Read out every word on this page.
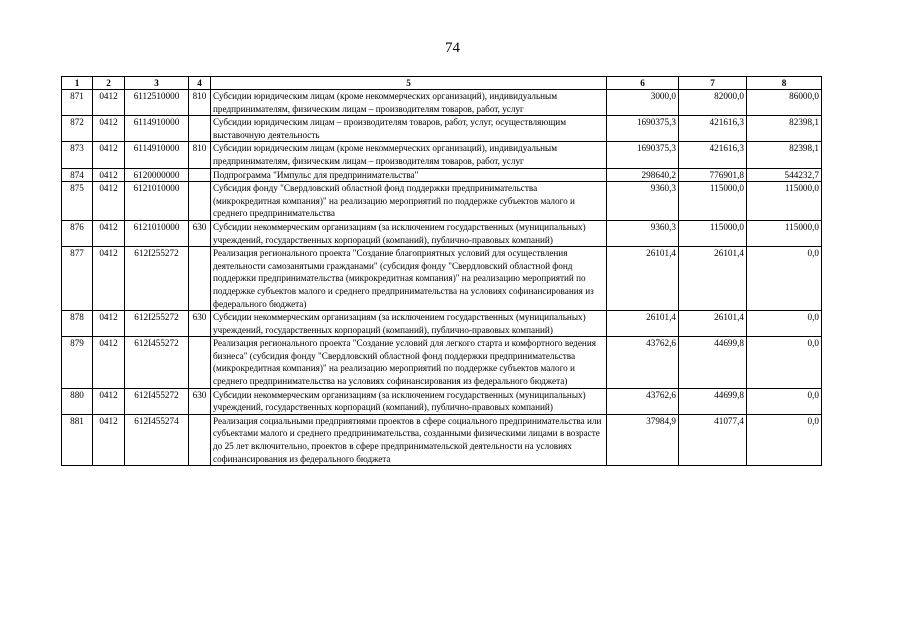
74
1	2	3	4	5	6	7	8
871	0412	6112510000	810	Субсидии юридическим лицам (кроме некоммерческих организаций), индивидуальным предпринимателям, физическим лицам – производителям товаров, работ, услуг	3000,0	82000,0	86000,0
872	0412	6114910000		Субсидии юридическим лицам – производителям товаров, работ, услуг, осуществляющим выставочную деятельность	1690375,3	421616,3	82398,1
873	0412	6114910000	810	Субсидии юридическим лицам (кроме некоммерческих организаций), индивидуальным предпринимателям, физическим лицам – производителям товаров, работ, услуг	1690375,3	421616,3	82398,1
874	0412	6120000000		Подпрограмма "Импульс для предпринимательства"	298640,2	776901,8	544232,7
875	0412	6121010000		Субсидия фонду "Свердловский областной фонд поддержки предпринимательства (микрокредитная компания)" на реализацию мероприятий по поддержке субъектов малого и среднего предпринимательства	9360,3	115000,0	115000,0
876	0412	6121010000	630	Субсидии некоммерческим организациям (за исключением государственных (муниципальных) учреждений, государственных корпораций (компаний), публично-правовых компаний)	9360,3	115000,0	115000,0
877	0412	612I255272		Реализация регионального проекта "Создание благоприятных условий для осуществления деятельности самозанятыми гражданами" (субсидия фонду "Свердловский областной фонд поддержки предпринимательства (микрокредитная компания)" на реализацию мероприятий по поддержке субъектов малого и среднего предпринимательства на условиях софинансирования из федерального бюджета)	26101,4	26101,4	0,0
878	0412	612I255272	630	Субсидии некоммерческим организациям (за исключением государственных (муниципальных) учреждений, государственных корпораций (компаний), публично-правовых компаний)	26101,4	26101,4	0,0
879	0412	612I455272		Реализация регионального проекта "Создание условий для легкого старта и комфортного ведения бизнеса" (субсидия фонду "Свердловский областной фонд поддержки предпринимательства (микрокредитная компания)" на реализацию мероприятий по поддержке субъектов малого и среднего предпринимательства на условиях софинансирования из федерального бюджета)	43762,6	44699,8	0,0
880	0412	612I455272	630	Субсидии некоммерческим организациям (за исключением государственных (муниципальных) учреждений, государственных корпораций (компаний), публично-правовых компаний)	43762,6	44699,8	0,0
881	0412	612I455274		Реализация социальными предприятиями проектов в сфере социального предпринимательства или субъектами малого и среднего предпринимательства, созданными физическими лицами в возрасте до 25 лет включительно, проектов в сфере предпринимательской деятельности на условиях софинансирования из федерального бюджета	37984,9	41077,4	0,0
